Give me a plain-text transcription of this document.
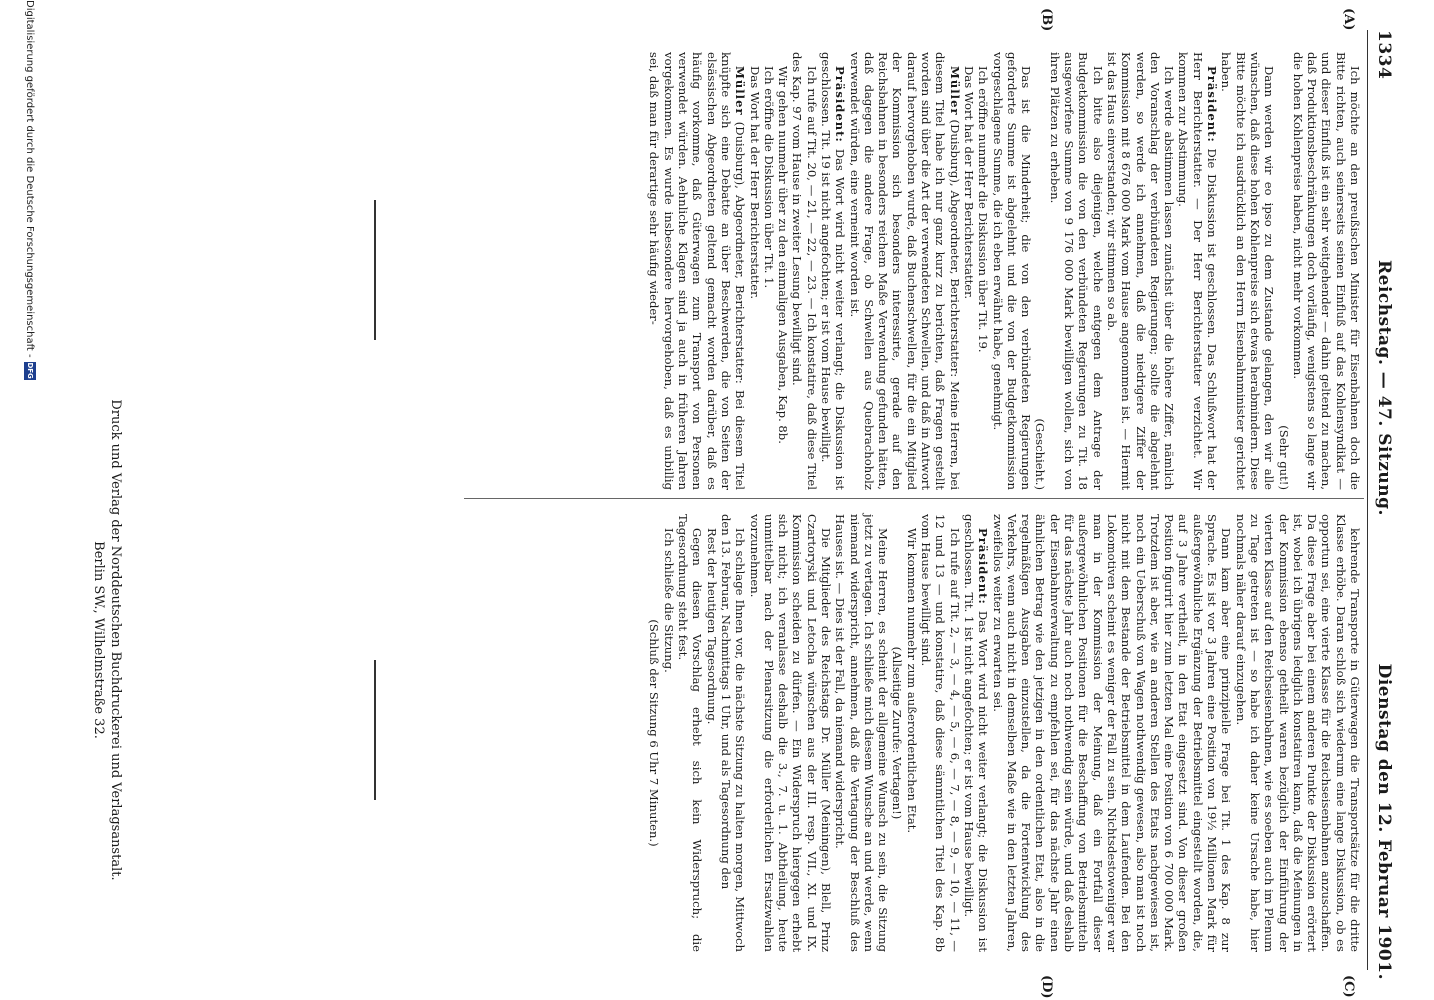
1334
Reichstag. — 47. Sitzung.
Dienstag den 12. Februar 1901.
(A)
(B)
(C)
(D)

Ich möchte an den preußischen Minister für Eisenbahnen doch die Bitte richten, auch seinerseits seinen Einfluß auf das Kohlensyndikat — und dieser Einfluß ist ein sehr weitgehender — dahin geltend zu machen, daß Produktionsbeschränkungen doch vorläufig, wenigstens so lange wir die hohen Kohlenpreise haben, nicht mehr vorkommen.

(Sehr gut!)

Dann werden wir eo ipso zu dem Zustande gelangen, den wir alle wünschen, daß diese hohen Kohlenpreise sich etwas herabmindern. Diese Bitte möchte ich ausdrücklich an den Herrn Eisenbahnminister gerichtet haben.

Präsident: Die Diskussion ist geschlossen. Das Schlußwort hat der Herr Berichterstatter. — Der Herr Berichterstatter verzichtet. Wir kommen zur Abstimmung.

Ich werde abstimmen lassen zunächst über die höhere Ziffer, nämlich den Voranschlag der verbündeten Regierungen; sollte die abgelehnt werden, so werde ich annehmen, daß die niedrigere Ziffer der Kommission mit 8 676 000 Mark vom Hause angenommen ist. — Hiermit ist das Haus einverstanden; wir stimmen so ab.

Ich bitte also diejenigen, welche entgegen dem Antrage der Budgetkommission die von den verbündeten Regierungen zu Tit. 18 ausgeworfene Summe von 9 176 000 Mark bewilligen wollen, sich von ihren Plätzen zu erheben.

(Geschieht.)

Das ist die Minderheit; die von den verbündeten Regierungen geforderte Summe ist abgelehnt und die von der Budgetkommission vorgeschlagene Summe, die ich eben erwähnt habe, genehmigt.

Ich eröffne nunmehr die Diskussion über Tit. 19.

Das Wort hat der Herr Berichterstatter.

Müller (Duisburg), Abgeordneter, Berichterstatter: Meine Herren, bei diesem Titel habe ich nur ganz kurz zu berichten, daß Fragen gestellt worden sind über die Art der verwendeten Schwellen, und daß in Antwort darauf hervorgehoben wurde, daß Buchenschwellen, für die ein Mitglied der Kommission sich besonders interessirte, gerade auf den Reichsbahnen in besonders reichem Maße Verwendung gefunden hätten, daß dagegen die andere Frage, ob Schwellen aus Quebrachoholz verwendet würden, eine verneint worden ist.

Präsident: Das Wort wird nicht weiter verlangt; die Diskussion ist geschlossen. Tit. 19 ist nicht angefochten; er ist vom Hause bewilligt.

Ich rufe auf Tit. 20, — 21, — 22, — 23. — Ich konstatire, daß diese Titel des Kap. 97 vom Hause in zweiter Lesung bewilligt sind.

Wir gehen nunmehr über zu den einmaligen Ausgaben, Kap. 8b.

Ich eröffne die Diskussion über Tit. 1.

Das Wort hat der Herr Berichterstatter.

Müller (Duisburg), Abgeordneter, Berichterstatter: Bei diesem Titel knüpfte sich eine Debatte an über Beschwerden, die von Seiten der elsässischen Abgeordneten geltend gemacht worden darüber, daß es häufig vorkomme, daß Güterwagen zum Transport von Personen verwendet würden. Aehnliche Klagen sind ja auch in früheren Jahren vorgekommen. Es wurde insbesondere hervorgehoben, daß es unbillig sei, daß man für derartige sehr häufig wieder-

kehrende Transporte in Güterwagen die Transportsätze für die dritte Klasse erhöbe. Daran schloß sich wiederum eine lange Diskussion, ob es opportun sei, eine vierte Klasse für die Reichseisenbahnen anzuschaffen. Da diese Frage aber bei einem anderen Punkte der Diskussion erörtert ist, wobei ich übrigens lediglich konstatiren kann, daß die Meinungen in der Kommission ebenso getheilt waren bezüglich der Einführung der vierten Klasse auf den Reichseisenbahnen, wie es soeben auch im Plenum zu Tage getreten ist — so habe ich daher keine Ursache habe, hier nochmals näher darauf einzugehen.

Dann kam aber eine prinzipielle Frage bei Tit. 1 des Kap. 8 zur Sprache. Es ist vor 3 Jahren eine Position von 19½ Millionen Mark für außergewöhnliche Ergänzung der Betriebsmittel eingestellt worden, die, auf 3 Jahre vertheilt, in den Etat eingesetzt sind. Von dieser großen Position figurirt hier zum letzten Mal eine Position von 6 700 000 Mark. Trotzdem ist aber, wie an anderen Stellen des Etats nachgewiesen ist, noch ein Ueberschuß von Wagen nothwendig gewesen, also man ist noch nicht mit dem Bestande der Betriebsmittel in dem Laufenden. Bei den Lokomotiven scheint es weniger der Fall zu sein. Nichtsdestoweniger war man in der Kommission der Meinung, daß ein Fortfall dieser außergewöhnlichen Positionen für die Beschaffung von Betriebsmitteln für das nächste Jahr auch noch nothwendig sein würde, und daß deshalb der Eisenbahnverwaltung zu empfehlen sei, für das nächste Jahr einen ähnlichen Betrag wie den jetzigen in den ordentlichen Etat, also in die regelmäßigen Ausgaben einzustellen, da die Fortentwicklung des Verkehrs, wenn auch nicht in demselben Maße wie in den letzten Jahren, zweifellos weiter zu erwarten sei.

Präsident: Das Wort wird nicht weiter verlangt; die Diskussion ist geschlossen. Tit. 1 ist nicht angefochten; er ist vom Hause bewilligt.

Ich rufe auf Tit. 2, — 3, — 4, — 5, — 6, — 7, — 8, — 9, — 10, — 11, — 12 und 13 — und konstatire, daß diese sämmtlichen Titel des Kap. 8b vom Hause bewilligt sind.

Wir kommen nunmehr zum außerordentlichen Etat.

(Allseitige Zurufe: Vertagen!)

Meine Herren, es scheint der allgemeine Wunsch zu sein, die Sitzung jetzt zu vertagen. Ich schließe mich diesem Wunsche an und werde, wenn niemand widerspricht, annehmen, daß die Vertagung der Beschluß des Hauses ist. — Dies ist der Fall, da niemand widerspricht.

Die Mitglieder des Reichstags Dr. Müller (Meiningen), Blell, Prinz Czartoryski und Letocha wünschen aus der III. resp. VII., XI. und IX. Kommission scheiden zu dürfen. — Ein Widerspruch hiergegen erhebt sich nicht; ich veranlasse deshalb die 3., 7. u. 1. Abtheilung, heute unmittelbar nach der Plenarsitzung die erforderlichen Ersatzwahlen vorzunehmen.

Ich schlage Ihnen vor, die nächste Sitzung zu halten morgen, Mittwoch den 13. Februar, Nachmittags 1 Uhr, und als Tagesordnung den

Rest der heutigen Tagesordnung.

Gegen diesen Vorschlag erhebt sich kein Widerspruch; die Tagesordnung steht fest.

Ich schließe die Sitzung.

(Schluß der Sitzung 6 Uhr 7 Minuten.)

Druck und Verlag der Norddeutschen Buchdruckerei und Verlagsanstalt.
Berlin SW., Wilhelmstraße 32.
Digitalisierung gefördert durch die Deutsche Forschungsgemeinschaft -DFG
